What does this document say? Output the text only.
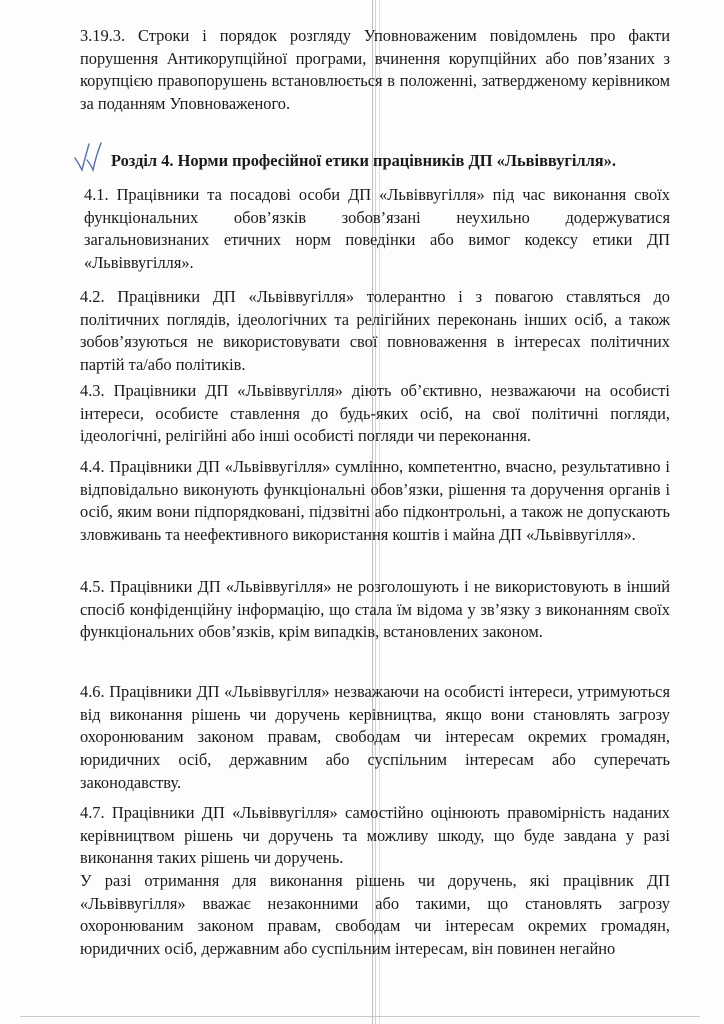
3.19.3. Строки і порядок розгляду Уповноваженим повідомлень про факти порушення Антикорупційної програми, вчинення корупційних або пов’язаних з корупцією правопорушень встановлюється в положенні, затвердженому керівником за поданням Уповноваженого.

Розділ 4. Норми професійної етики працівників ДП «Львіввугілля».

4.1. Працівники та посадові особи ДП «Львіввугілля» під час виконання своїх функціональних обов’язків зобов’язані неухильно додержуватися загальновизнаних етичних норм поведінки або вимог кодексу етики ДП «Львіввугілля».

4.2. Працівники ДП «Львіввугілля» толерантно і з повагою ставляться до політичних поглядів, ідеологічних та релігійних переконань інших осіб, а також зобов’язуються не використовувати свої повноваження в інтересах політичних партій та/або політиків.

4.3. Працівники ДП «Львіввугілля» діють об’єктивно, незважаючи на особисті інтереси, особисте ставлення до будь-яких осіб, на свої політичні погляди, ідеологічні, релігійні або інші особисті погляди чи переконання.

4.4. Працівники ДП «Львіввугілля» сумлінно, компетентно, вчасно, результативно і відповідально виконують функціональні обов’язки, рішення та доручення органів і осіб, яким вони підпорядковані, підзвітні або підконтрольні, а також не допускають зловживань та неефективного використання коштів і майна ДП «Львіввугілля».

4.5. Працівники ДП «Львіввугілля» не розголошують і не використовують в інший спосіб конфіденційну інформацію, що стала їм відома у зв’язку з виконанням своїх функціональних обов’язків, крім випадків, встановлених законом.

4.6. Працівники ДП «Львіввугілля» незважаючи на особисті інтереси, утримуються від виконання рішень чи доручень керівництва, якщо вони становлять загрозу охоронюваним законом правам, свободам чи інтересам окремих громадян, юридичних осіб, державним або суспільним інтересам або суперечать законодавству.

4.7. Працівники ДП «Львіввугілля» самостійно оцінюють правомірність наданих керівництвом рішень чи доручень та можливу шкоду, що буде завдана у разі виконання таких рішень чи доручень.

У разі отримання для виконання рішень чи доручень, які працівник ДП «Львіввугілля» вважає незаконними або такими, що становлять загрозу охоронюваним законом правам, свободам чи інтересам окремих громадян, юридичних осіб, державним або суспільним інтересам, він повинен негайно
